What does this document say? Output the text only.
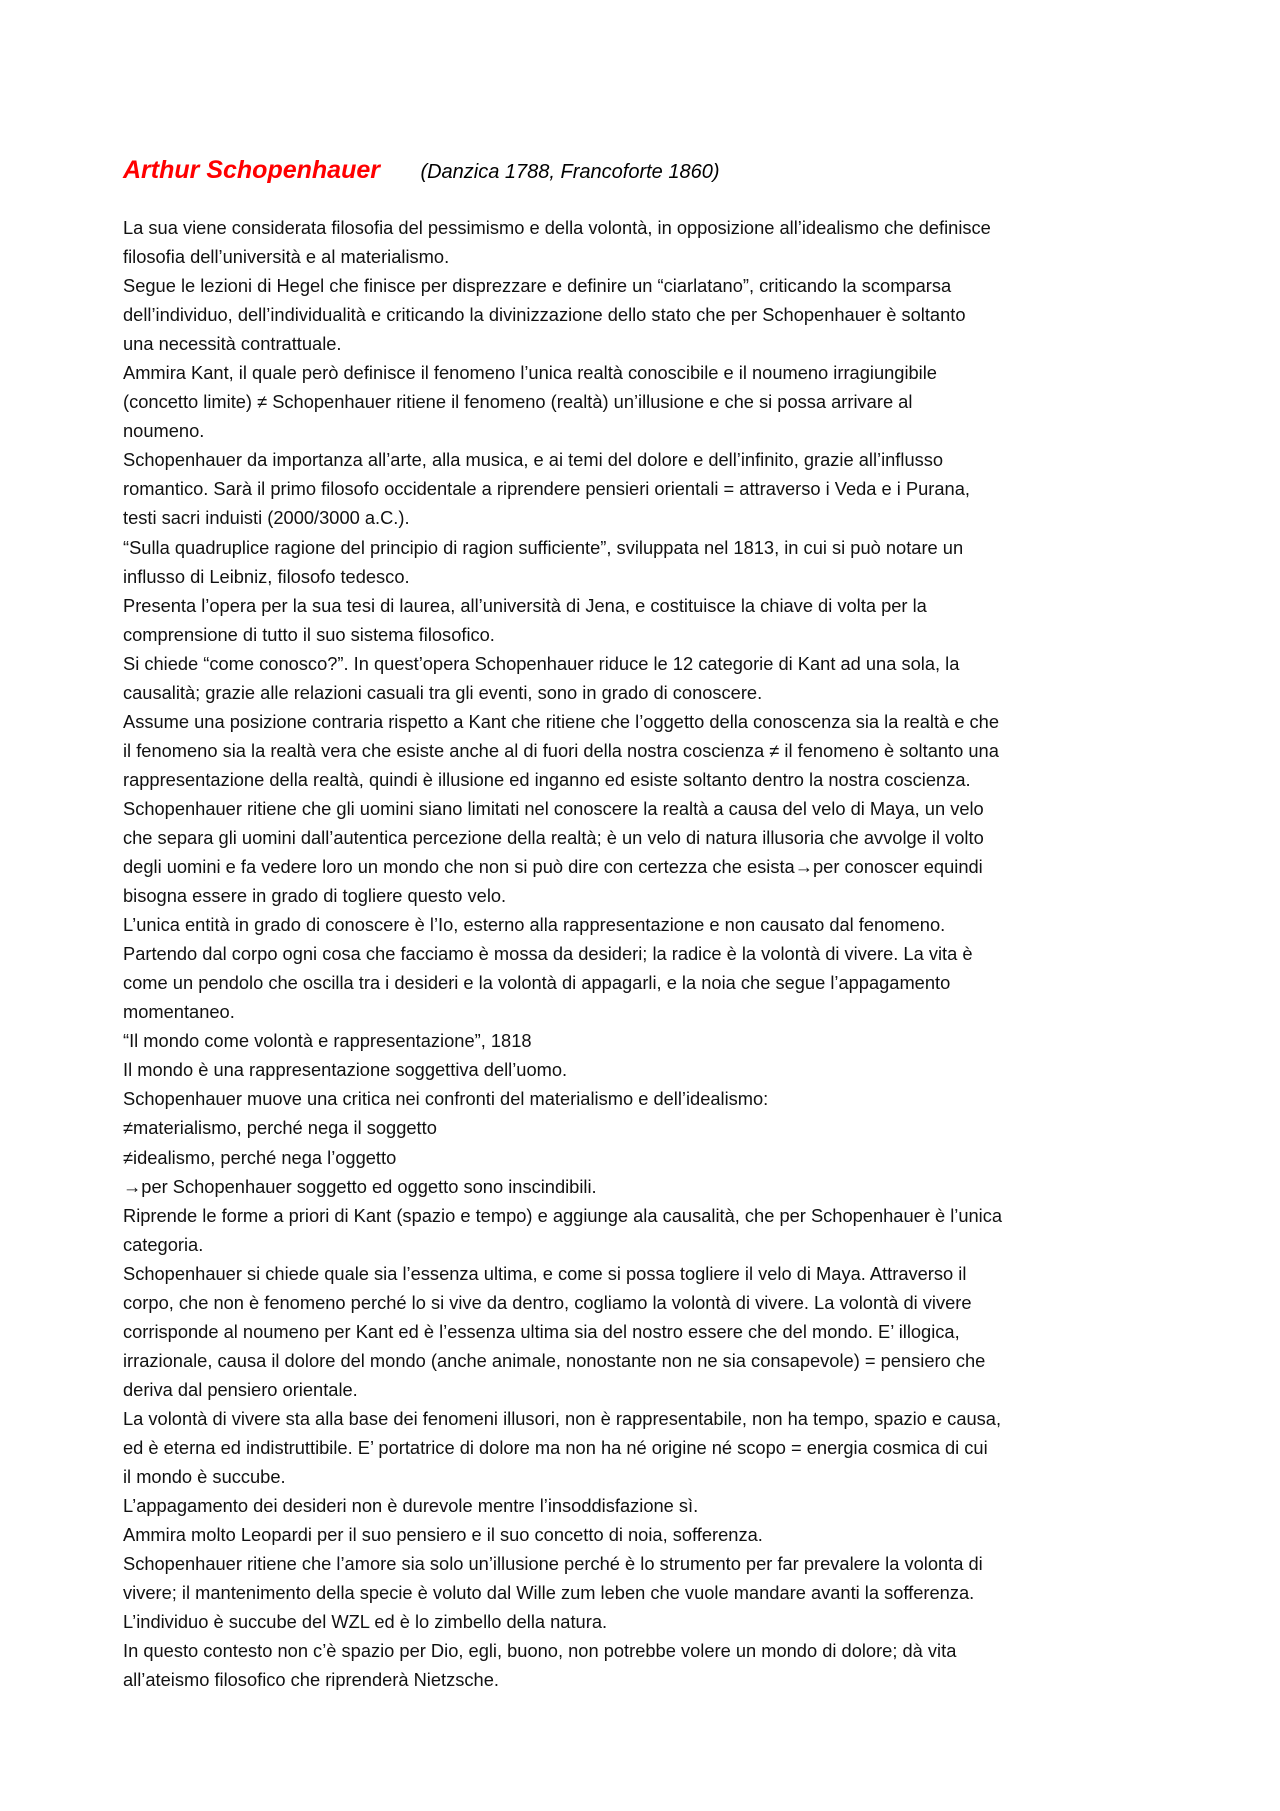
Arthur Schopenhauer (Danzica 1788, Francoforte 1860)
La sua viene considerata filosofia del pessimismo e della volontà, in opposizione all’idealismo che definisce
filosofia dell’università e al materialismo.
Segue le lezioni di Hegel che finisce per disprezzare e definire un “ciarlatano”, criticando la scomparsa
dell’individuo, dell’individualità e criticando la divinizzazione dello stato che per Schopenhauer è soltanto
una necessità contrattuale.
Ammira Kant, il quale però definisce il fenomeno l’unica realtà conoscibile e il noumeno irragiungibile
(concetto limite) ≠ Schopenhauer ritiene il fenomeno (realtà) un’illusione e che si possa arrivare al
noumeno.
Schopenhauer da importanza all’arte, alla musica, e ai temi del dolore e dell’infinito, grazie all’influsso
romantico. Sarà il primo filosofo occidentale a riprendere pensieri orientali = attraverso i Veda e i Purana,
testi sacri induisti (2000/3000 a.C.).
“Sulla quadruplice ragione del principio di ragion sufficiente”, sviluppata nel 1813, in cui si può notare un
influsso di Leibniz, filosofo tedesco.
Presenta l’opera per la sua tesi di laurea, all’università di Jena, e costituisce la chiave di volta per la
comprensione di tutto il suo sistema filosofico.
Si chiede “come conosco?”. In quest’opera Schopenhauer riduce le 12 categorie di Kant ad una sola, la
causalità; grazie alle relazioni casuali tra gli eventi, sono in grado di conoscere.
Assume una posizione contraria rispetto a Kant che ritiene che l’oggetto della conoscenza sia la realtà e che
il fenomeno sia la realtà vera che esiste anche al di fuori della nostra coscienza ≠ il fenomeno è soltanto una
rappresentazione della realtà, quindi è illusione ed inganno ed esiste soltanto dentro la nostra coscienza.
Schopenhauer ritiene che gli uomini siano limitati nel conoscere la realtà a causa del velo di Maya, un velo
che separa gli uomini dall’autentica percezione della realtà; è un velo di natura illusoria che avvolge il volto
degli uomini e fa vedere loro un mondo che non si può dire con certezza che esista→per conoscer equindi
bisogna essere in grado di togliere questo velo.
L’unica entità in grado di conoscere è l’Io, esterno alla rappresentazione e non causato dal fenomeno.
Partendo dal corpo ogni cosa che facciamo è mossa da desideri; la radice è la volontà di vivere. La vita è
come un pendolo che oscilla tra i desideri e la volontà di appagarli, e la noia che segue l’appagamento
momentaneo.
“Il mondo come volontà e rappresentazione”, 1818
Il mondo è una rappresentazione soggettiva dell’uomo.
Schopenhauer muove una critica nei confronti del materialismo e dell’idealismo:
≠materialismo, perché nega il soggetto
≠idealismo, perché nega l’oggetto
→per Schopenhauer soggetto ed oggetto sono inscindibili.
Riprende le forme a priori di Kant (spazio e tempo) e aggiunge ala causalità, che per Schopenhauer è l’unica
categoria.
Schopenhauer si chiede quale sia l’essenza ultima, e come si possa togliere il velo di Maya. Attraverso il
corpo, che non è fenomeno perché lo si vive da dentro, cogliamo la volontà di vivere. La volontà di vivere
corrisponde al noumeno per Kant ed è l’essenza ultima sia del nostro essere che del mondo. E’ illogica,
irrazionale, causa il dolore del mondo (anche animale, nonostante non ne sia consapevole) = pensiero che
deriva dal pensiero orientale.
La volontà di vivere sta alla base dei fenomeni illusori, non è rappresentabile, non ha tempo, spazio e causa,
ed è eterna ed indistruttibile. E’ portatrice di dolore ma non ha né origine né scopo = energia cosmica di cui
il mondo è succube.
L’appagamento dei desideri non è durevole mentre l’insoddisfazione sì.
Ammira molto Leopardi per il suo pensiero e il suo concetto di noia, sofferenza.
Schopenhauer ritiene che l’amore sia solo un’illusione perché è lo strumento per far prevalere la volonta di
vivere; il mantenimento della specie è voluto dal Wille zum leben che vuole mandare avanti la sofferenza.
L’individuo è succube del WZL ed è lo zimbello della natura.
In questo contesto non c’è spazio per Dio, egli, buono, non potrebbe volere un mondo di dolore; dà vita
all’ateismo filosofico che riprenderà Nietzsche.
